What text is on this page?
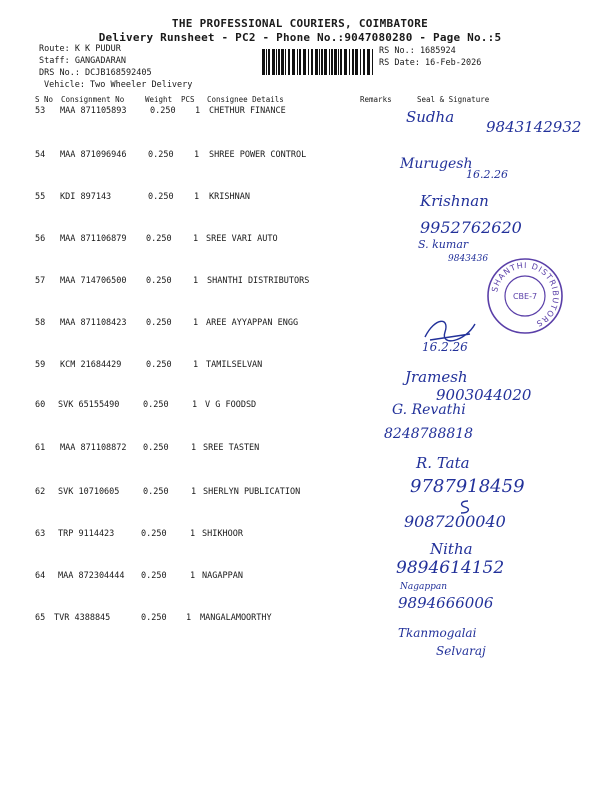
THE PROFESSIONAL COURIERS, COIMBATORE
Delivery Runsheet - PC2 - Phone No.:9047080280 - Page No.:5
Route: K K PUDUR
Staff: GANGADARAN
DRS No.: DCJB168592405
Vehicle: Two Wheeler Delivery
RS No.: 1685924
RS Date: 16-Feb-2026
S No Consignment No	Weight PCS Consignee Details	Remarks	Seal & Signature
53 MAA 871105893	0.250 1 CHETHUR FINANCE
54 MAA 871096946	0.250 1 SHREE POWER CONTROL
55 KDI 897143	0.250 1 KRISHNAN
56 MAA 871106879 0.250	1 SREE VARI AUTO
57 MAA 714706500 0.250	1 SHANTHI DISTRIBUTORS
58 MAA 871108423 0.250	1 AREE AYYAPPAN ENGG
59 KCM 21684429	0.250	1 TAMILSELVAN
60 SVK 65155490	0.250	1 V G FOODSD
61 MAA 871108872 0.250	1 SREE TASTEN
62 SVK 10710605	0.250	1 SHERLYN PUBLICATION
63 TRP 9114423	0.250	1 SHIKHOOR
64 MAA 872304444 0.250	1 NAGAPPAN
65 TVR 4388845	0.250 1 MANGALAMOORTHY
Sudha
9843142932
Murugesh
16.2.26
Krishnan
9952762620
S. kumar
9843436
16.2.26
Jramesh
9003044020
G. Revathi
8248788818
R. Tata
9787918459
9087200040
Nitha
9894614152
Nagappan
9894666006
Tkanmogalai
Selvaraj
SHANTHI DISTRIBUTORS
CBE-7
